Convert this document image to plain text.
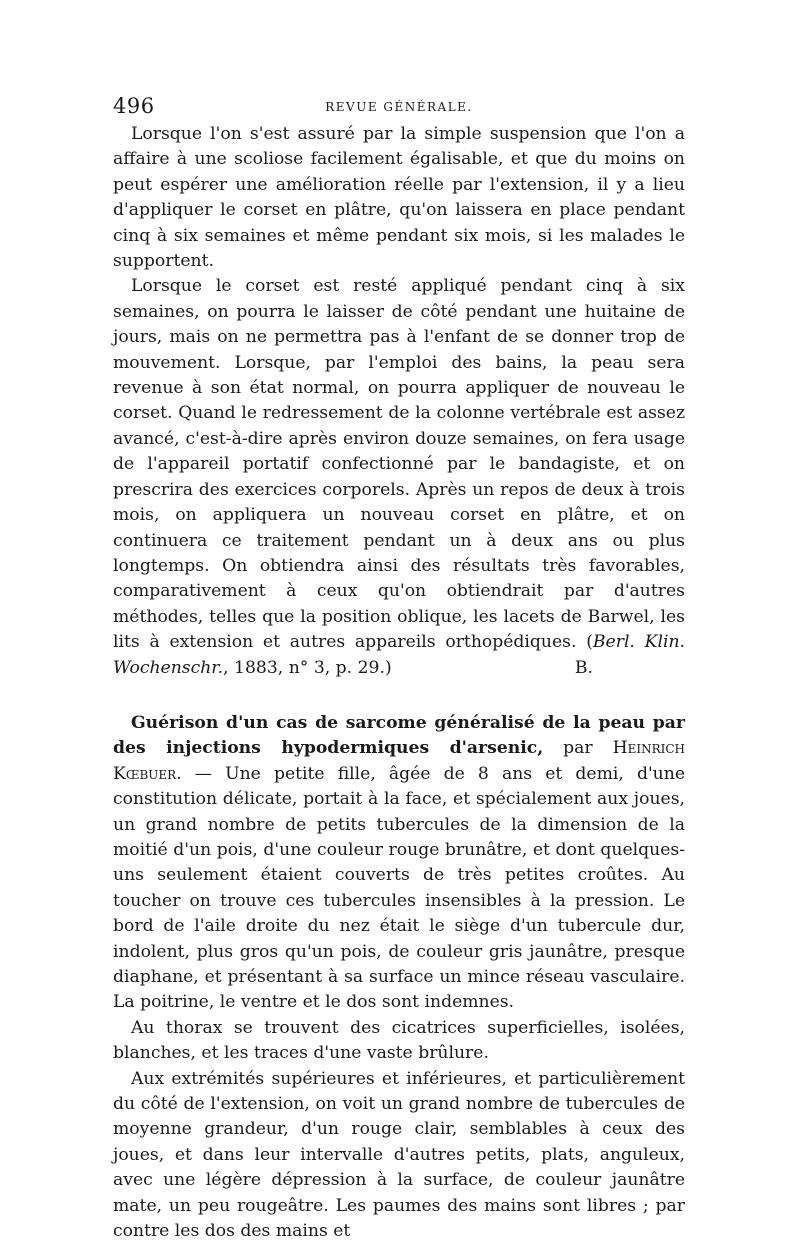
496	REVUE GÉNÉRALE.

Lorsque l'on s'est assuré par la simple suspension que l'on a affaire à une scoliose facilement égalisable, et que du moins on peut espérer une amélioration réelle par l'extension, il y a lieu d'appliquer le corset en plâtre, qu'on laissera en place pendant cinq à six semaines et même pendant six mois, si les malades le supportent.

Lorsque le corset est resté appliqué pendant cinq à six semaines, on pourra le laisser de côté pendant une huitaine de jours, mais on ne permettra pas à l'enfant de se donner trop de mouvement. Lorsque, par l'emploi des bains, la peau sera revenue à son état normal, on pourra appliquer de nouveau le corset. Quand le redressement de la colonne vertébrale est assez avancé, c'est-à-dire après environ douze semaines, on fera usage de l'appareil portatif confectionné par le bandagiste, et on prescrira des exercices corporels. Après un repos de deux à trois mois, on appliquera un nouveau corset en plâtre, et on continuera ce traitement pendant un à deux ans ou plus longtemps. On obtiendra ainsi des résultats très favorables, comparativement à ceux qu'on obtiendrait par d'autres méthodes, telles que la position oblique, les lacets de Barwel, les lits à extension et autres appareils orthopédiques. (Berl. Klin. Wochenschr., 1883, n° 3, p. 29.)	B.

Guérison d'un cas de sarcome généralisé de la peau par des injections hypodermiques d'arsenic, par Heinrich Kœbuer. — Une petite fille, âgée de 8 ans et demi, d'une constitution délicate, portait à la face, et spécialement aux joues, un grand nombre de petits tubercules de la dimension de la moitié d'un pois, d'une couleur rouge brunâtre, et dont quelques-uns seulement étaient couverts de très petites croûtes. Au toucher on trouve ces tubercules insensibles à la pression. Le bord de l'aile droite du nez était le siège d'un tubercule dur, indolent, plus gros qu'un pois, de couleur gris jaunâtre, presque diaphane, et présentant à sa surface un mince réseau vasculaire. La poitrine, le ventre et le dos sont indemnes.

Au thorax se trouvent des cicatrices superficielles, isolées, blanches, et les traces d'une vaste brûlure.

Aux extrémités supérieures et inférieures, et particulièrement du côté de l'extension, on voit un grand nombre de tubercules de moyenne grandeur, d'un rouge clair, semblables à ceux des joues, et dans leur intervalle d'autres petits, plats, anguleux, avec une légère dépression à la surface, de couleur jaunâtre mate, un peu rougeâtre. Les paumes des mains sont libres ; par contre les dos des mains et
